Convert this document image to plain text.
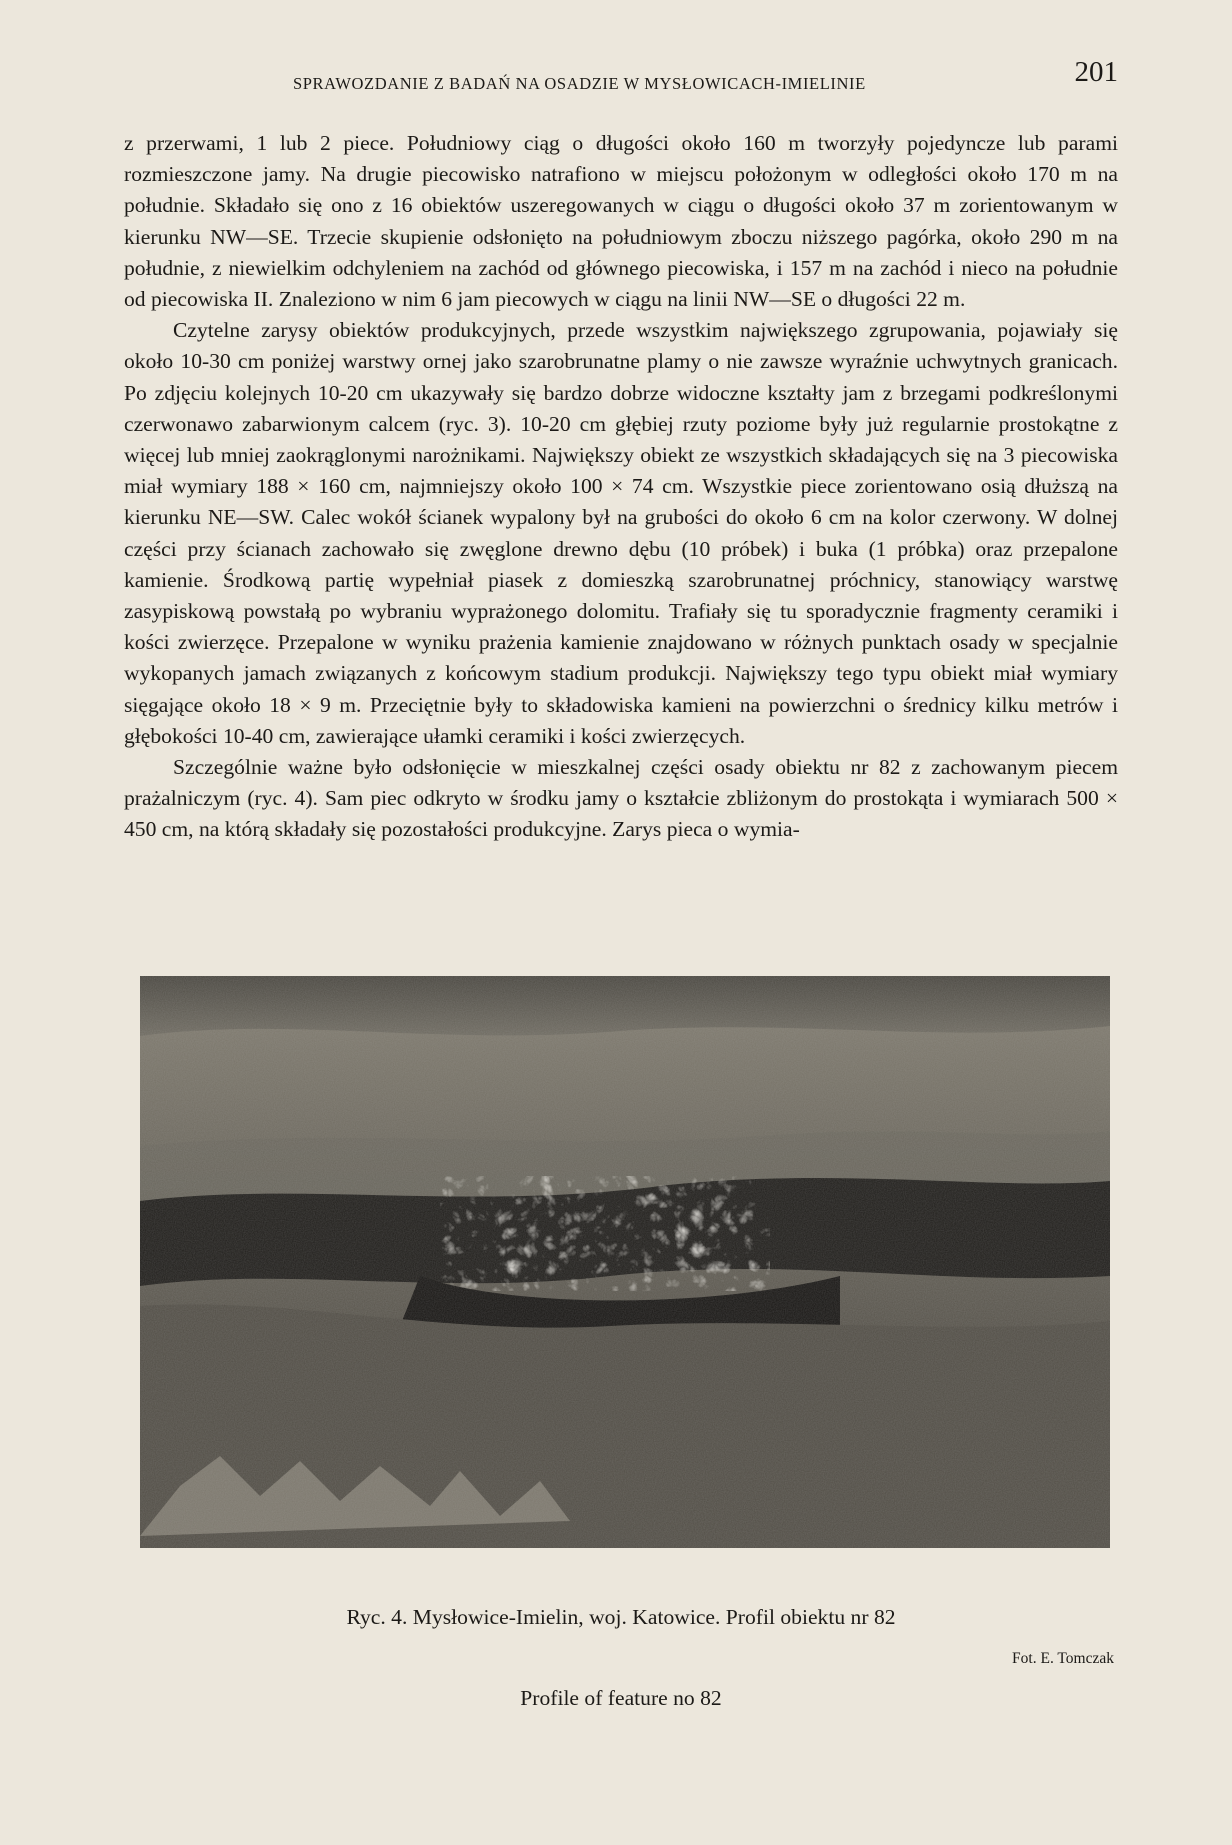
SPRAWOZDANIE Z BADAŃ NA OSADZIE W MYSŁOWICACH-IMIELINIE	201

z przerwami, 1 lub 2 piece. Południowy ciąg o długości około 160 m tworzyły pojedyncze lub parami rozmieszczone jamy. Na drugie piecowisko natrafiono w miejscu położonym w odległości około 170 m na południe. Składało się ono z 16 obiektów uszeregowanych w ciągu o długości około 37 m zorientowanym w kierunku NW—SE. Trzecie skupienie odsłonięto na południowym zboczu niższego pagórka, około 290 m na południe, z niewielkim odchyleniem na zachód od głównego piecowiska, i 157 m na zachód i nieco na południe od piecowiska II. Znaleziono w nim 6 jam piecowych w ciągu na linii NW—SE o długości 22 m.

Czytelne zarysy obiektów produkcyjnych, przede wszystkim największego zgrupowania, pojawiały się około 10-30 cm poniżej warstwy ornej jako szarobrunatne plamy o nie zawsze wyraźnie uchwytnych granicach. Po zdjęciu kolejnych 10-20 cm ukazywały się bardzo dobrze widoczne kształty jam z brzegami podkreślonymi czerwonawo zabarwionym calcem (ryc. 3). 10-20 cm głębiej rzuty poziome były już regularnie prostokątne z więcej lub mniej zaokrąglonymi narożnikami. Największy obiekt ze wszystkich składających się na 3 piecowiska miał wymiary 188 × 160 cm, najmniejszy około 100 × 74 cm. Wszystkie piece zorientowano osią dłuższą na kierunku NE—SW. Calec wokół ścianek wypalony był na grubości do około 6 cm na kolor czerwony. W dolnej części przy ścianach zachowało się zwęglone drewno dębu (10 próbek) i buka (1 próbka) oraz przepalone kamienie. Środkową partię wypełniał piasek z domieszką szarobrunatnej próchnicy, stanowiący warstwę zasypiskową powstałą po wybraniu wyprażonego dolomitu. Trafiały się tu sporadycznie fragmenty ceramiki i kości zwierzęce. Przepalone w wyniku prażenia kamienie znajdowano w różnych punktach osady w specjalnie wykopanych jamach związanych z końcowym stadium produkcji. Największy tego typu obiekt miał wymiary sięgające około 18 × 9 m. Przeciętnie były to składowiska kamieni na powierzchni o średnicy kilku metrów i głębokości 10-40 cm, zawierające ułamki ceramiki i kości zwierzęcych.

Szczególnie ważne było odsłonięcie w mieszkalnej części osady obiektu nr 82 z zachowanym piecem prażalniczym (ryc. 4). Sam piec odkryto w środku jamy o kształcie zbliżonym do prostokąta i wymiarach 500 × 450 cm, na którą składały się pozostałości produkcyjne. Zarys pieca o wymia-

Ryc. 4. Mysłowice-Imielin, woj. Katowice. Profil obiektu nr 82
Fot. E. Tomczak
Profile of feature no 82
